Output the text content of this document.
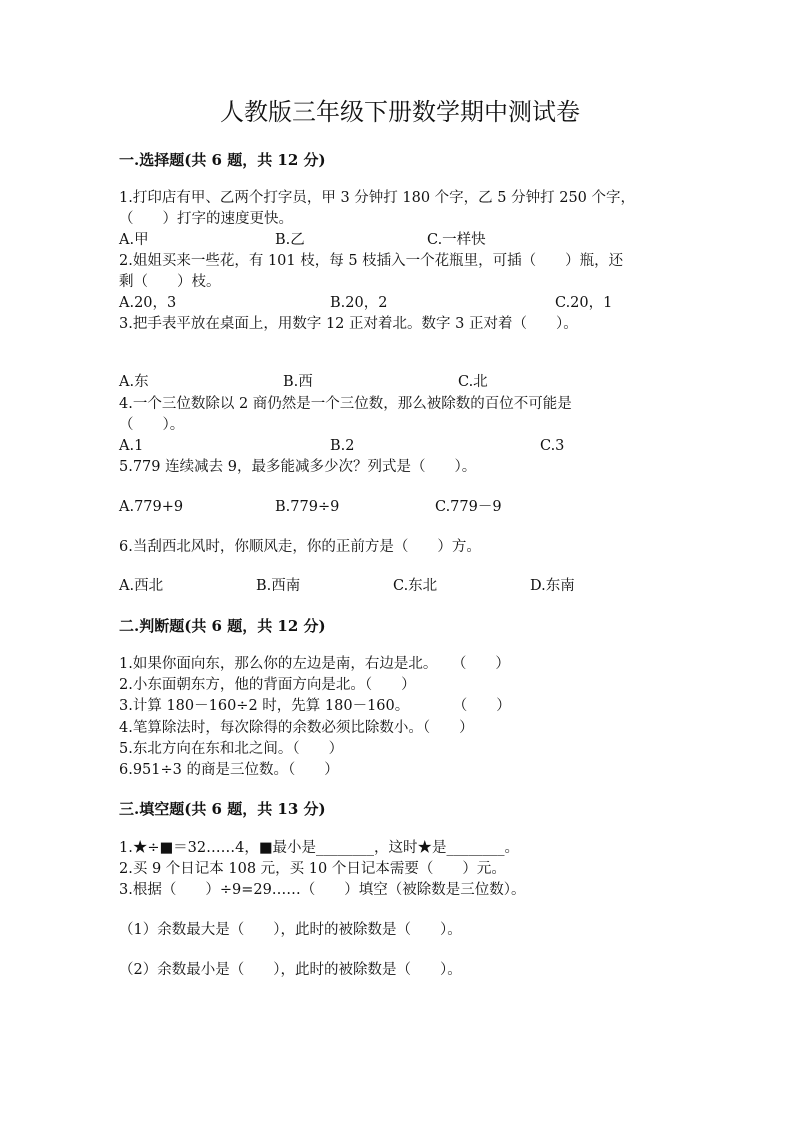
人教版三年级下册数学期中测试卷
一.选择题(共 6 题，共 12 分)
1.打印店有甲、乙两个打字员，甲 3 分钟打 180 个字，乙 5 分钟打 250 个字，
（　　）打字的速度更快。
A.甲	B.乙	C.一样快
2.姐姐买来一些花，有 101 枝，每 5 枝插入一个花瓶里，可插（　　）瓶，还
剩（　　）枝。
A.20，3	B.20，2	C.20，1
3.把手表平放在桌面上，用数字 12 正对着北。数字 3 正对着（　　）。
A.东	B.西	C.北
4.一个三位数除以 2 商仍然是一个三位数，那么被除数的百位不可能是
（　　）。
A.1	B.2	C.3
5.779 连续减去 9，最多能减多少次？列式是（　　）。
A.779+9	B.779÷9	C.779－9
6.当刮西北风时，你顺风走，你的正前方是（　　）方。
A.西北	B.西南	C.东北	D.东南
二.判断题(共 6 题，共 12 分)
1.如果你面向东，那么你的左边是南，右边是北。　　（　　）
2.小东面朝东方，他的背面方向是北。（　　）
3.计算 180－160÷2 时，先算 180－160。　　　　（　　）
4.笔算除法时，每次除得的余数必须比除数小。（　　）
5.东北方向在东和北之间。（　　）
6.951÷3 的商是三位数。（　　）
三.填空题(共 6 题，共 13 分)
1.★÷■＝32……4，■最小是________，这时★是________。
2.买 9 个日记本 108 元，买 10 个日记本需要（　　）元。
3.根据（　　）÷9=29……（　　）填空（被除数是三位数）。
（1）余数最大是（　　），此时的被除数是（　　）。
（2）余数最小是（　　），此时的被除数是（　　）。
